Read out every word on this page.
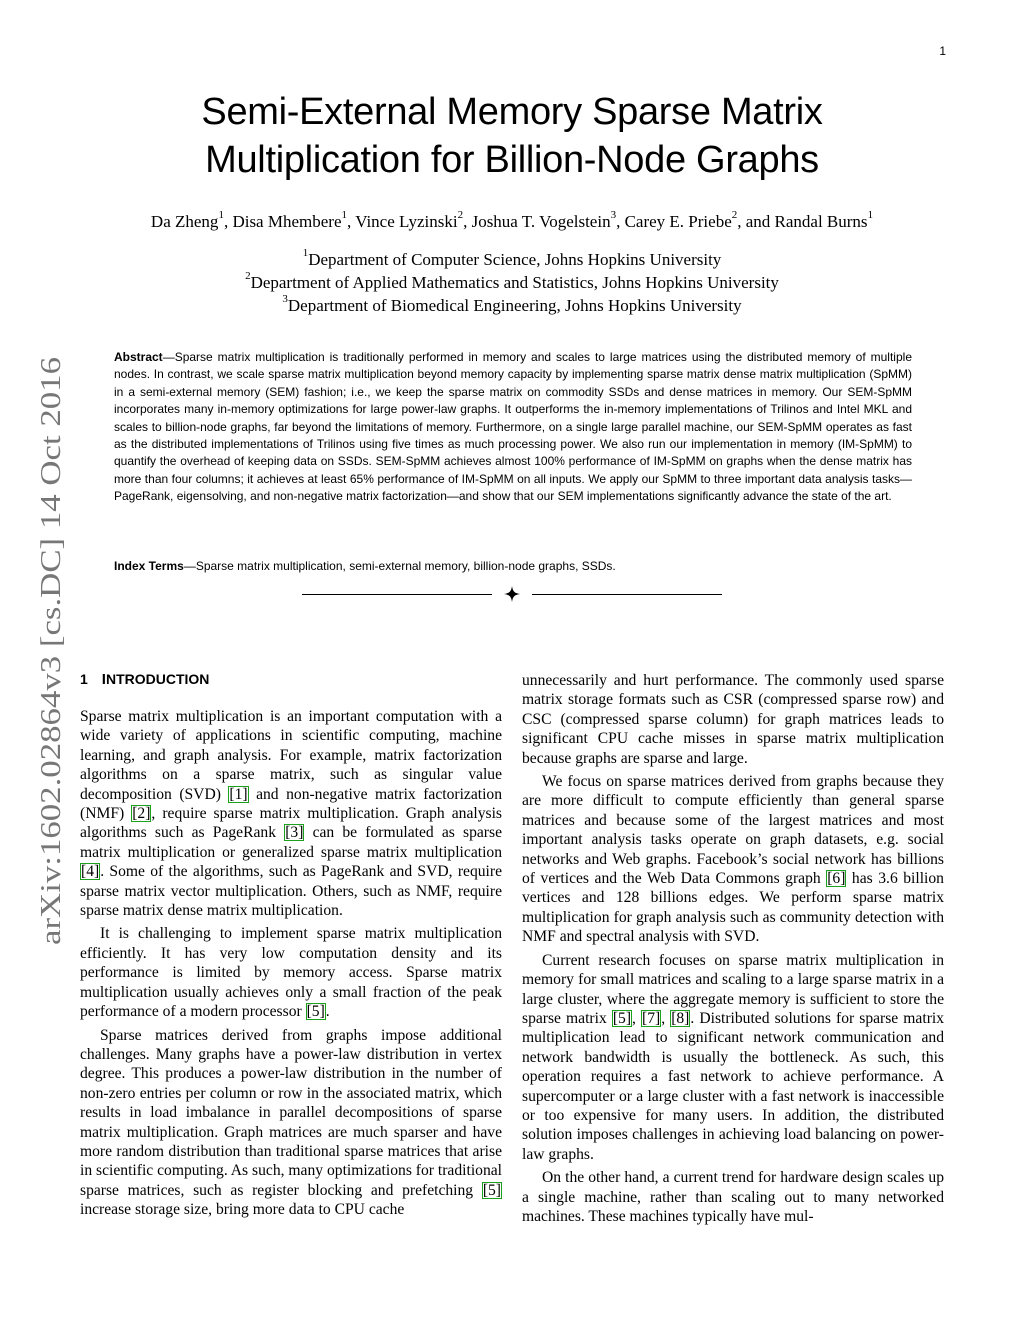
1
arXiv:1602.02864v3 [cs.DC] 14 Oct 2016
Semi-External Memory Sparse Matrix
Multiplication for Billion-Node Graphs
Da Zheng$^1$, Disa Mhembere$^1$, Vince Lyzinski$^2$, Joshua T. Vogelstein$^3$, Carey E. Priebe$^2$, and Randal Burns$^1$
$^1$Department of Computer Science, Johns Hopkins University
$^2$Department of Applied Mathematics and Statistics, Johns Hopkins University
$^3$Department of Biomedical Engineering, Johns Hopkins University
Abstract—Sparse matrix multiplication is traditionally performed in memory and scales to large matrices using the distributed memory of multiple nodes. In contrast, we scale sparse matrix multiplication beyond memory capacity by implementing sparse matrix dense matrix multiplication (SpMM) in a semi-external memory (SEM) fashion; i.e., we keep the sparse matrix on commodity SSDs and dense matrices in memory. Our SEM-SpMM incorporates many in-memory optimizations for large power-law graphs. It outperforms the in-memory implementations of Trilinos and Intel MKL and scales to billion-node graphs, far beyond the limitations of memory. Furthermore, on a single large parallel machine, our SEM-SpMM operates as fast as the distributed implementations of Trilinos using five times as much processing power. We also run our implementation in memory (IM-SpMM) to quantify the overhead of keeping data on SSDs. SEM-SpMM achieves almost 100% performance of IM-SpMM on graphs when the dense matrix has more than four columns; it achieves at least 65% performance of IM-SpMM on all inputs. We apply our SpMM to three important data analysis tasks—PageRank, eigensolving, and non-negative matrix factorization—and show that our SEM implementations significantly advance the state of the art.
Index Terms—Sparse matrix multiplication, semi-external memory, billion-node graphs, SSDs.
1 INTRODUCTION

Sparse matrix multiplication is an important computation with a wide variety of applications in scientific computing, machine learning, and graph analysis. For example, matrix factorization algorithms on a sparse matrix, such as singular value decomposition (SVD) [1] and non-negative matrix factorization (NMF) [2], require sparse matrix multiplication. Graph analysis algorithms such as PageRank [3] can be formulated as sparse matrix multiplication or generalized sparse matrix multiplication [4]. Some of the algorithms, such as PageRank and SVD, require sparse matrix vector multiplication. Others, such as NMF, require sparse matrix dense matrix multiplication.

It is challenging to implement sparse matrix multiplication efficiently. It has very low computation density and its performance is limited by memory access. Sparse matrix multiplication usually achieves only a small fraction of the peak performance of a modern processor [5].

Sparse matrices derived from graphs impose additional challenges. Many graphs have a power-law distribution in vertex degree. This produces a power-law distribution in the number of non-zero entries per column or row in the associated matrix, which results in load imbalance in parallel decompositions of sparse matrix multiplication. Graph matrices are much sparser and have more random distribution than traditional sparse matrices that arise in scientific computing. As such, many optimizations for traditional sparse matrices, such as register blocking and prefetching [5] increase storage size, bring more data to CPU cache

unnecessarily and hurt performance. The commonly used sparse matrix storage formats such as CSR (compressed sparse row) and CSC (compressed sparse column) for graph matrices leads to significant CPU cache misses in sparse matrix multiplication because graphs are sparse and large.

We focus on sparse matrices derived from graphs because they are more difficult to compute efficiently than general sparse matrices and because some of the largest matrices and most important analysis tasks operate on graph datasets, e.g. social networks and Web graphs. Facebook’s social network has billions of vertices and the Web Data Commons graph [6] has 3.6 billion vertices and 128 billions edges. We perform sparse matrix multiplication for graph analysis such as community detection with NMF and spectral analysis with SVD.

Current research focuses on sparse matrix multiplication in memory for small matrices and scaling to a large sparse matrix in a large cluster, where the aggregate memory is sufficient to store the sparse matrix [5], [7], [8]. Distributed solutions for sparse matrix multiplication lead to significant network communication and network bandwidth is usually the bottleneck. As such, this operation requires a fast network to achieve performance. A supercomputer or a large cluster with a fast network is inaccessible or too expensive for many users. In addition, the distributed solution imposes challenges in achieving load balancing on power-law graphs.

On the other hand, a current trend for hardware design scales up a single machine, rather than scaling out to many networked machines. These machines typically have mul-
